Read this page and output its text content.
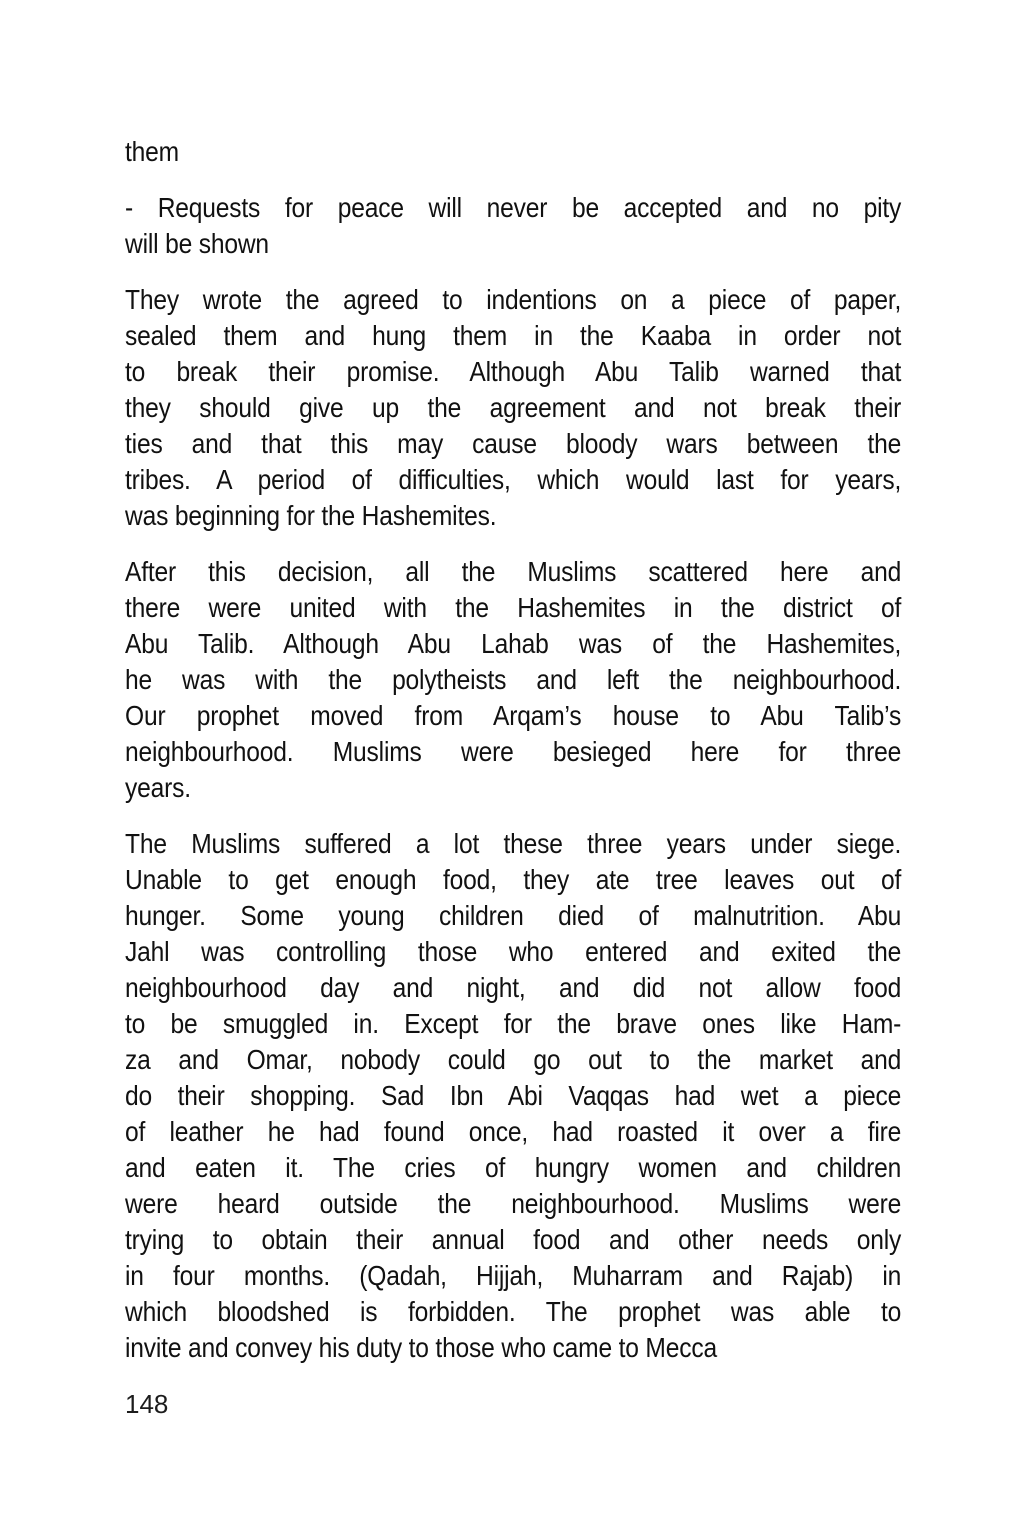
them
- Requests for peace will never be accepted and no pity
will be shown
They wrote the agreed to indentions on a piece of paper,
sealed them and hung them in the Kaaba in order not
to break their promise. Although Abu Talib warned that
they should give up the agreement and not break their
ties and that this may cause bloody wars between the
tribes. A period of difficulties, which would last for years,
was beginning for the Hashemites.
After this decision, all the Muslims scattered here and
there were united with the Hashemites in the district of
Abu Talib. Although Abu Lahab was of the Hashemites,
he was with the polytheists and left the neighbourhood.
Our prophet moved from Arqam’s house to Abu Talib’s
neighbourhood. Muslims were besieged here for three
years.
The Muslims suffered a lot these three years under siege.
Unable to get enough food, they ate tree leaves out of
hunger. Some young children died of malnutrition. Abu
Jahl was controlling those who entered and exited the
neighbourhood day and night, and did not allow food
to be smuggled in. Except for the brave ones like Ham-
za and Omar, nobody could go out to the market and
do their shopping. Sad Ibn Abi Vaqqas had wet a piece
of leather he had found once, had roasted it over a fire
and eaten it. The cries of hungry women and children
were heard outside the neighbourhood. Muslims were
trying to obtain their annual food and other needs only
in four months. (Qadah, Hijjah, Muharram and Rajab) in
which bloodshed is forbidden. The prophet was able to
invite and convey his duty to those who came to Mecca
148
